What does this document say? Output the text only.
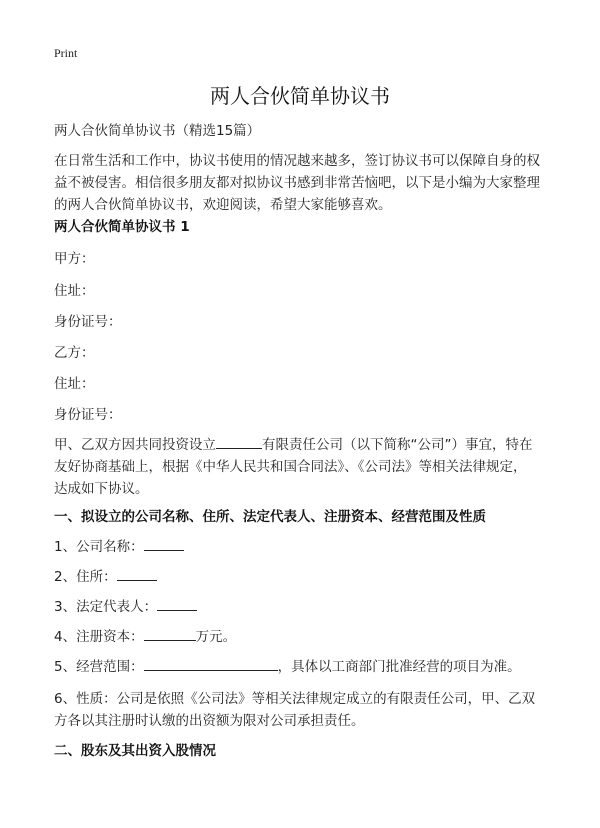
Print
两人合伙简单协议书
两人合伙简单协议书（精选15篇）
在日常生活和工作中，协议书使用的情况越来越多，签订协议书可以保障自身的权
益不被侵害。相信很多朋友都对拟协议书感到非常苦恼吧，以下是小编为大家整理
的两人合伙简单协议书，欢迎阅读，希望大家能够喜欢。
两人合伙简单协议书 1
甲方：
住址：
身份证号：
乙方：
住址：
身份证号：
甲、乙双方因共同投资设立	有限责任公司（以下简称“公司”）事宜，特在
友好协商基础上，根据《中华人民共和国合同法》、《公司法》等相关法律规定，
达成如下协议。
一、拟设立的公司名称、住所、法定代表人、注册资本、经营范围及性质
1、公司名称：
2、住所：
3、法定代表人：
4、注册资本：	万元。
5、经营范围：	，具体以工商部门批准经营的项目为准。
6、性质：公司是依照《公司法》等相关法律规定成立的有限责任公司，甲、乙双
方各以其注册时认缴的出资额为限对公司承担责任。
二、股东及其出资入股情况
